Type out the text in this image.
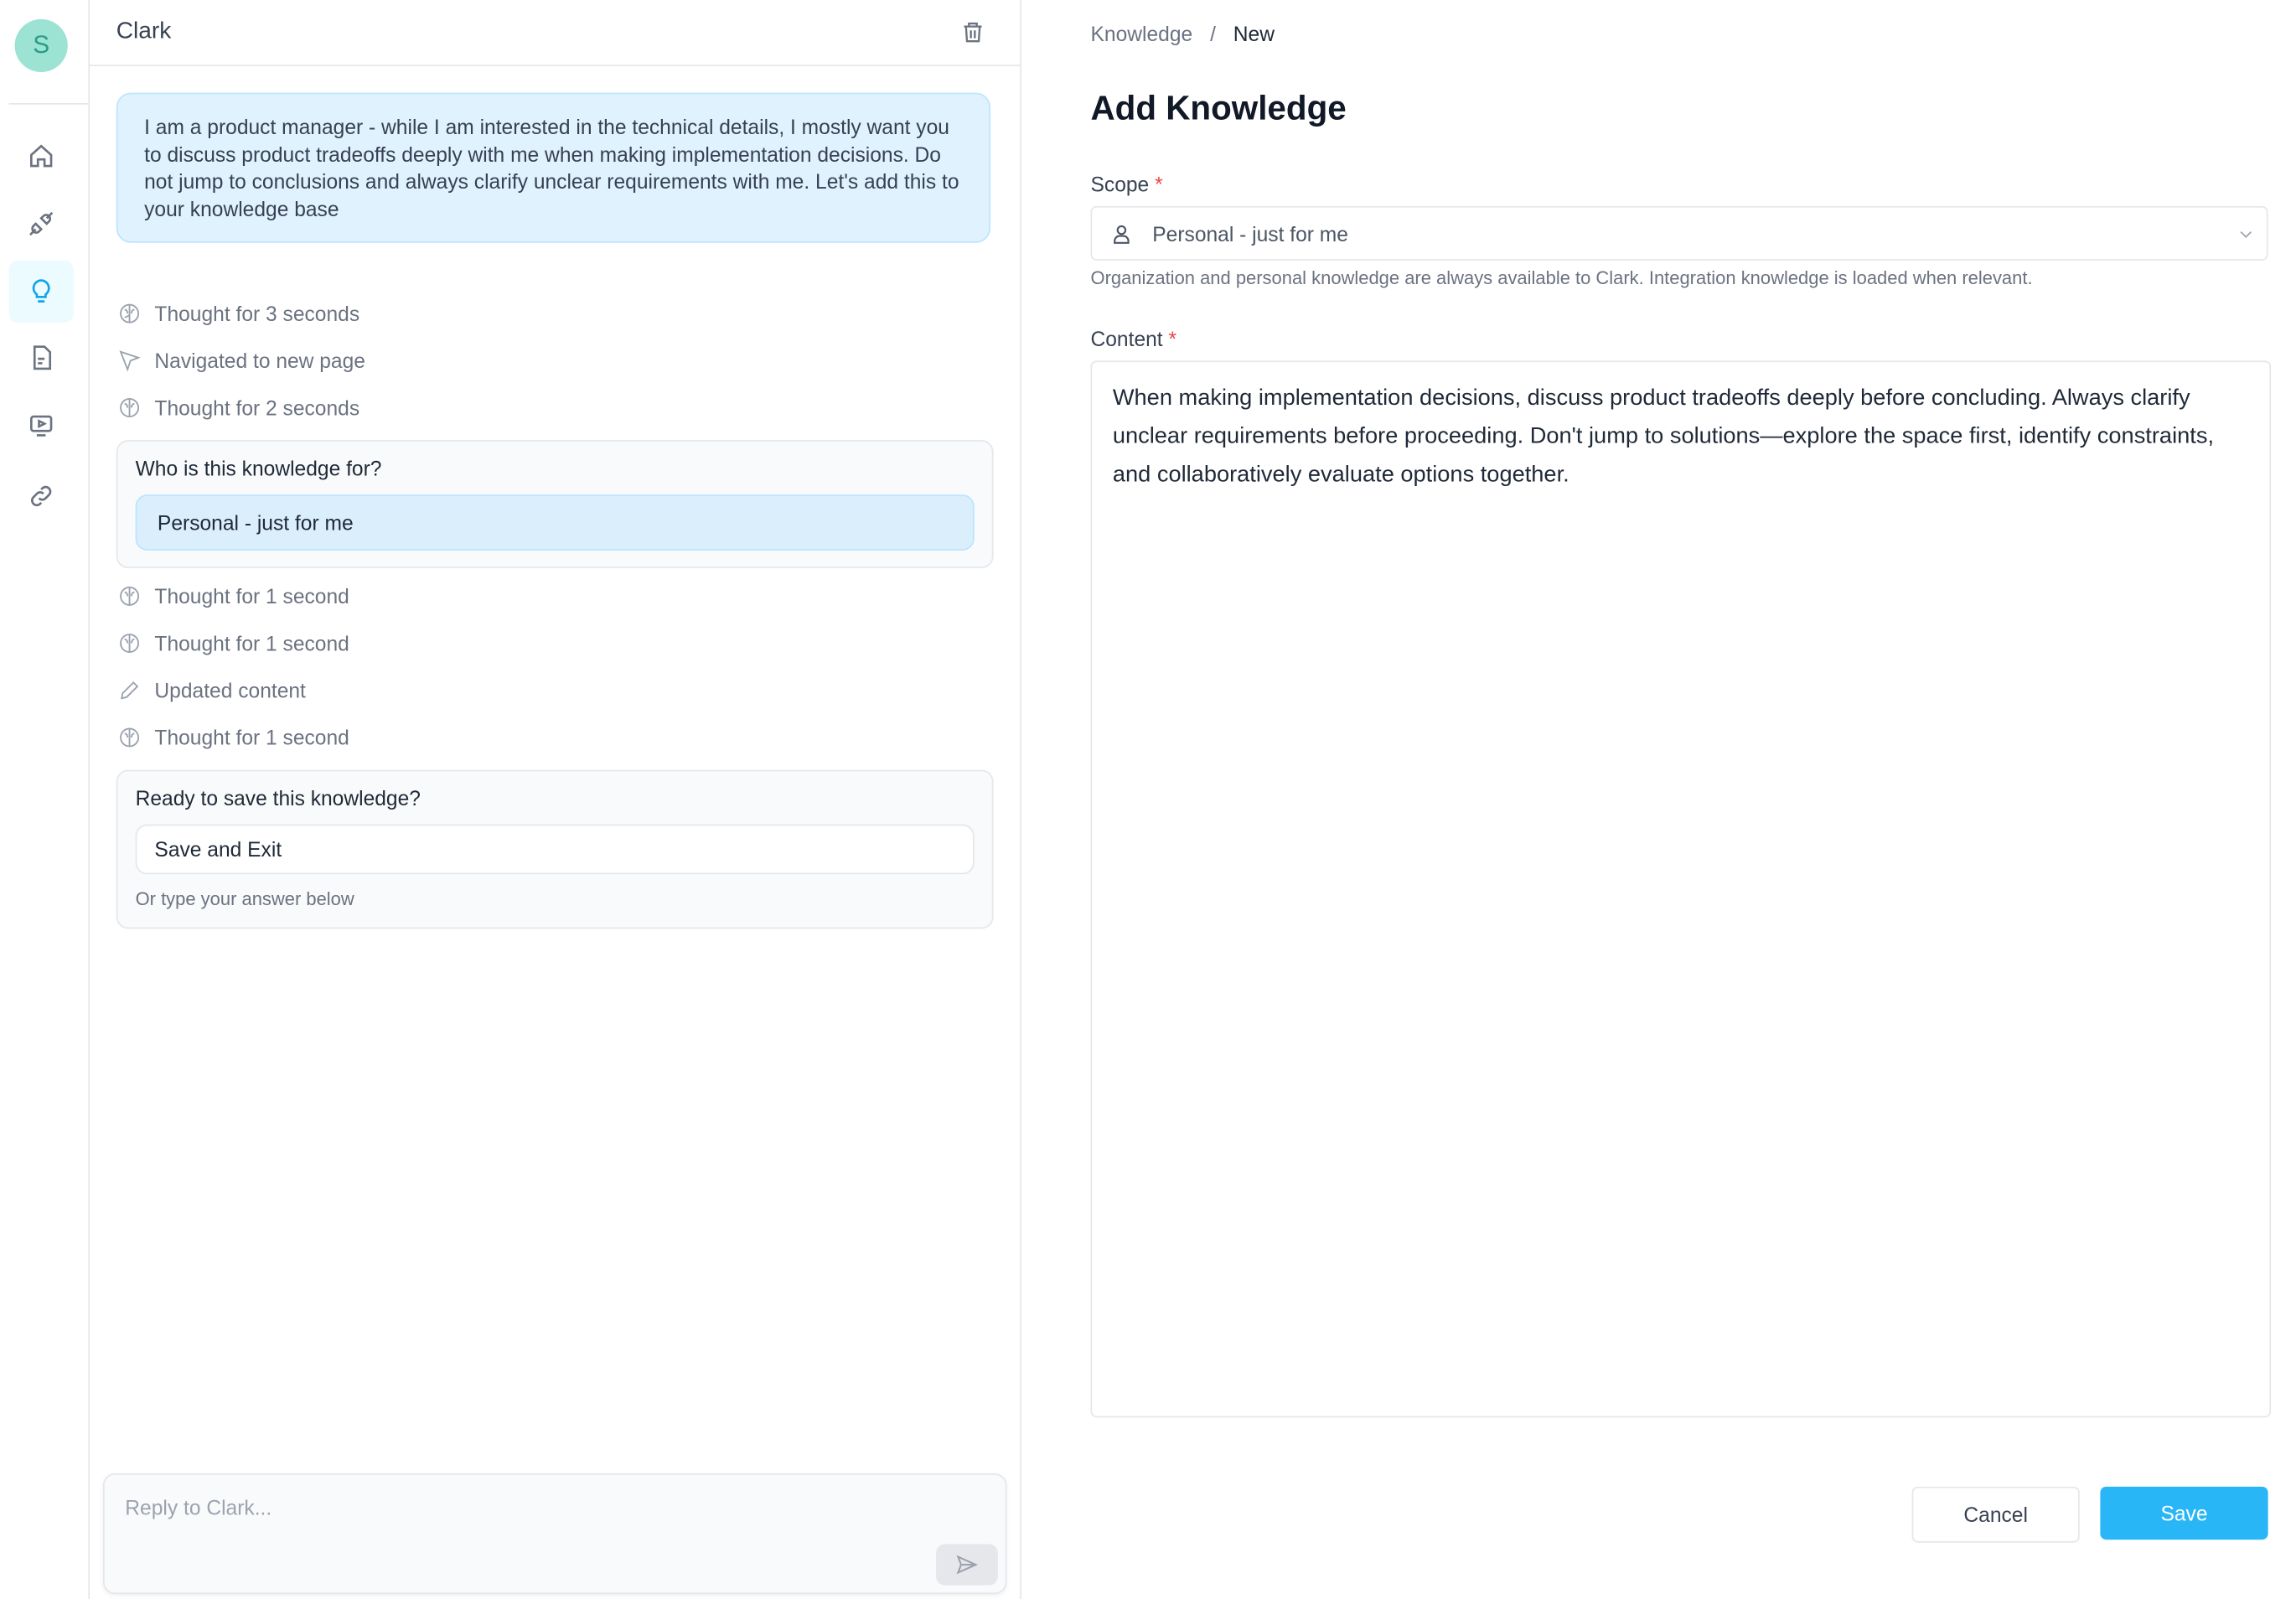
S	Clark
I am a product manager - while I am interested in the technical details, I mostly want you to discuss product tradeoffs deeply with me when making implementation decisions. Do not jump to conclusions and always clarify unclear requirements with me. Let's add this to your knowledge base
Thought for 3 seconds
Navigated to new page
Thought for 2 seconds
Who is this knowledge for?
Personal - just for me
Thought for 1 second
Thought for 1 second
Updated content
Thought for 1 second
Ready to save this knowledge?
Save and Exit
Or type your answer below
Reply to Clark...
Knowledge / New
Add Knowledge
Scope *
Personal - just for me
Organization and personal knowledge are always available to Clark. Integration knowledge is loaded when relevant.
Content *
When making implementation decisions, discuss product tradeoffs deeply before concluding. Always clarify unclear requirements before proceeding. Don't jump to solutions—explore the space first, identify constraints, and collaboratively evaluate options together.
Cancel	Save
